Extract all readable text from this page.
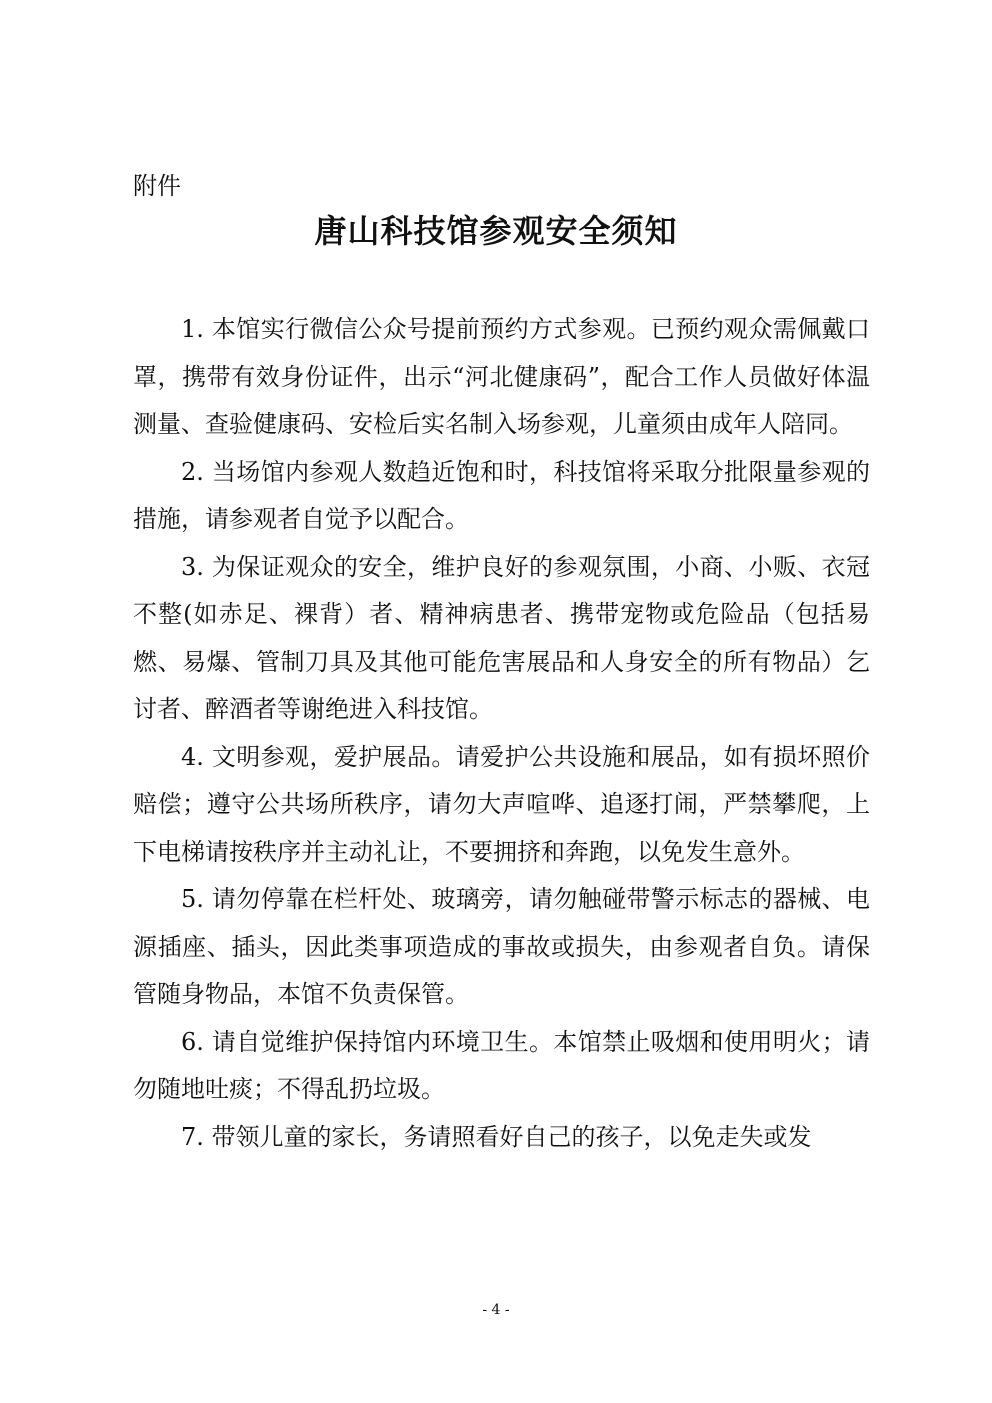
附件
唐山科技馆参观安全须知

1. 本馆实行微信公众号提前预约方式参观。已预约观众需佩戴口罩，携带有效身份证件，出示“河北健康码”，配合工作人员做好体温测量、查验健康码、安检后实名制入场参观，儿童须由成年人陪同。

2. 当场馆内参观人数趋近饱和时，科技馆将采取分批限量参观的措施，请参观者自觉予以配合。

3. 为保证观众的安全，维护良好的参观氛围，小商、小贩、衣冠不整(如赤足、裸背）者、精神病患者、携带宠物或危险品（包括易燃、易爆、管制刀具及其他可能危害展品和人身安全的所有物品）乞讨者、醉酒者等谢绝进入科技馆。

4. 文明参观，爱护展品。请爱护公共设施和展品，如有损坏照价赔偿；遵守公共场所秩序，请勿大声喧哗、追逐打闹，严禁攀爬，上下电梯请按秩序并主动礼让，不要拥挤和奔跑，以免发生意外。

5. 请勿停靠在栏杆处、玻璃旁，请勿触碰带警示标志的器械、电源插座、插头，因此类事项造成的事故或损失，由参观者自负。请保管随身物品，本馆不负责保管。

6. 请自觉维护保持馆内环境卫生。本馆禁止吸烟和使用明火；请勿随地吐痰；不得乱扔垃圾。

7. 带领儿童的家长，务请照看好自己的孩子，以免走失或发

- 4 -
